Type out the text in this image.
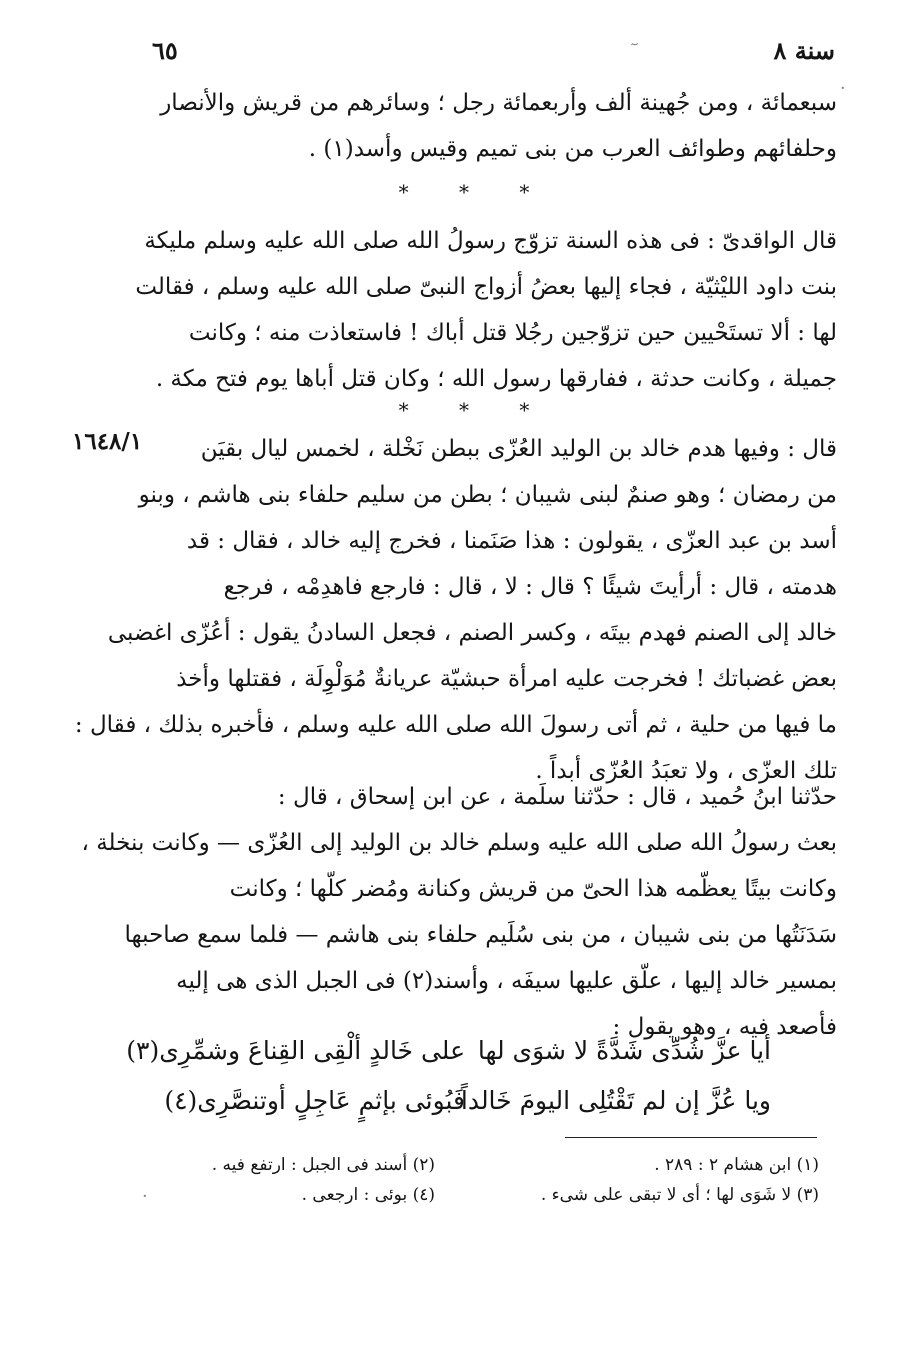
سنة ٨
٦٥
سبعمائة ، ومن جُهينة ألف وأربعمائة رجل ؛ وسائرهم من قريش والأنصار
وحلفائهم وطوائف العرب من بنى تميم وقيس وأسد(١) .
* * *
قال الواقدىّ : فى هذه السنة تزوّج رسولُ الله صلى الله عليه وسلم مليكة
بنت داود الليْثيّة ، فجاء إليها بعضُ أزواج النبىّ صلى الله عليه وسلم ، فقالت
لها : ألا تستَحْيين حين تزوّجين رجُلا قتل أباك ! فاستعاذت منه ؛ وكانت
جميلة ، وكانت حدثة ، ففارقها رسول الله ؛ وكان قتل أباها يوم فتح مكة .
* * *
١٦٤٨/١	قال : وفيها هدم خالد بن الوليد العُزّى ببطن نَخْلة ، لخمس ليال بقيَن
من رمضان ؛ وهو صنمٌ لبنى شيبان ؛ بطن من سليم حلفاء بنى هاشم ، وبنو
أسد بن عبد العزّى ، يقولون : هذا صَنَمنا ، فخرج إليه خالد ، فقال : قد
هدمته ، قال : أرأيتَ شيئًا ؟ قال : لا ، قال : فارجع فاهدِمْه ، فرجع
خالد إلى الصنم فهدم بيتَه ، وكسر الصنم ، فجعل السادنُ يقول : أعُزّى اغضبى
بعض غضباتك ! فخرجت عليه امرأة حبشيّة عريانةٌ مُوَلْوِلَة ، فقتلها وأخذ
ما فيها من حلية ، ثم أتى رسولَ الله صلى الله عليه وسلم ، فأخبره بذلك ، فقال :
تلك العزّى ، ولا تعبَدُ العُزّى أبداً .
حدّثنا ابنُ حُميد ، قال : حدّثنا سلَمة ، عن ابن إسحاق ، قال :
بعث رسولُ الله صلى الله عليه وسلم خالد بن الوليد إلى العُزّى — وكانت بنخلة ،
وكانت بيتًا يعظّمه هذا الحىّ من قريش وكنانة ومُضر كلّها ؛ وكانت
سَدَنَتُها من بنى شيبان ، من بنى سُلَيم حلفاء بنى هاشم — فلما سمع صاحبها
بمسير خالد إليها ، علّق عليها سيفَه ، وأسند(٢) فى الجبل الذى هى إليه
فأصعد فيه ، وهو يقول :
أيا عزَّ شُدِّى شَدَّةً لا شوَى لها
على خَالدٍ ألْقِى القِناعَ وشمِّرِى(٣)
ويا عُزَّ إن لم تَقْتُلِى اليومَ خَالداً
فَبُوئى بإثمٍ عَاجِلٍ أوتنصَّرِى(٤)
(١) ابن هشام ٢ : ٢٨٩ .
(٢) أسند فى الجبل : ارتفع فيه .
(٣) لا شَوَى لها ؛ أى لا تبقى على شىء .
(٤) بوئى : ارجعى .
·
·
